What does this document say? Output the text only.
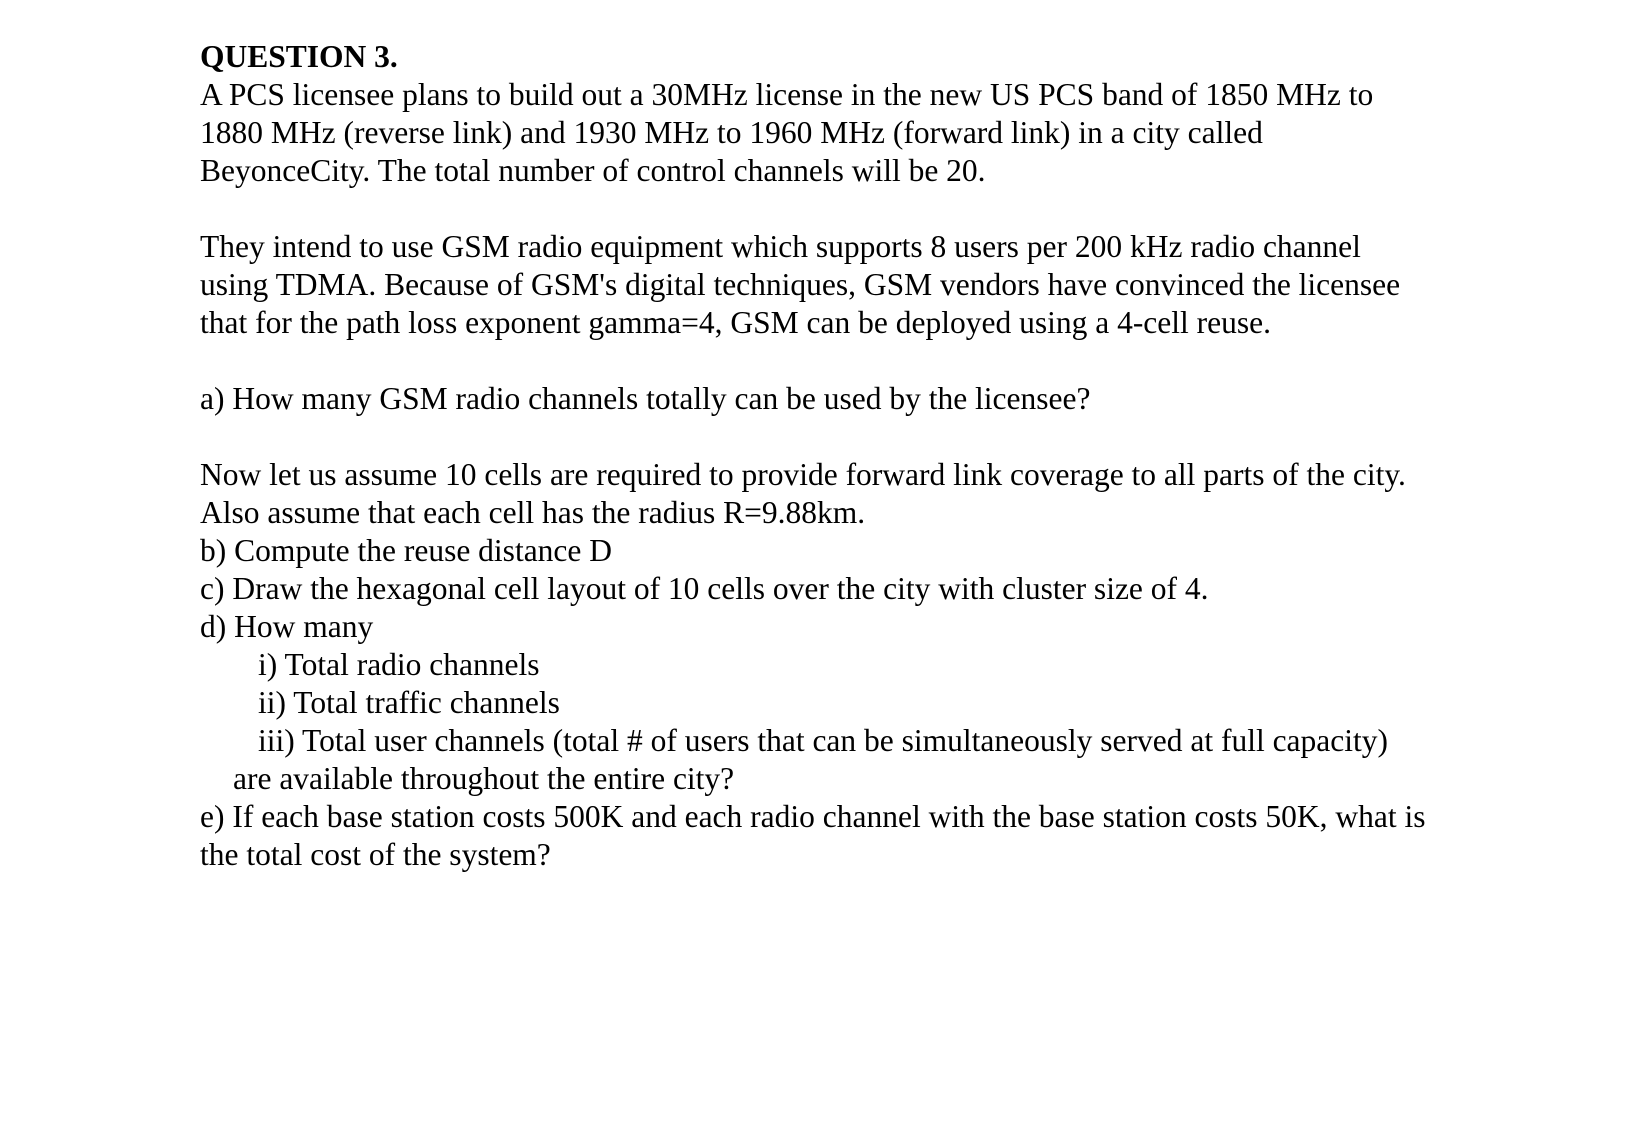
QUESTION 3.
A PCS licensee plans to build out a 30MHz license in the new US PCS band of 1850 MHz to
1880 MHz (reverse link) and 1930 MHz to 1960 MHz (forward link) in a city called
BeyonceCity. The total number of control channels will be 20.
They intend to use GSM radio equipment which supports 8 users per 200 kHz radio channel
using TDMA. Because of GSM's digital techniques, GSM vendors have convinced the licensee
that for the path loss exponent gamma=4, GSM can be deployed using a 4-cell reuse.
a) How many GSM radio channels totally can be used by the licensee?
Now let us assume 10 cells are required to provide forward link coverage to all parts of the city.
Also assume that each cell has the radius R=9.88km.
b) Compute the reuse distance D
c) Draw the hexagonal cell layout of 10 cells over the city with cluster size of 4.
d) How many
i) Total radio channels
ii) Total traffic channels
iii) Total user channels (total # of users that can be simultaneously served at full capacity)
are available throughout the entire city?
e) If each base station costs 500K and each radio channel with the base station costs 50K, what is
the total cost of the system?
